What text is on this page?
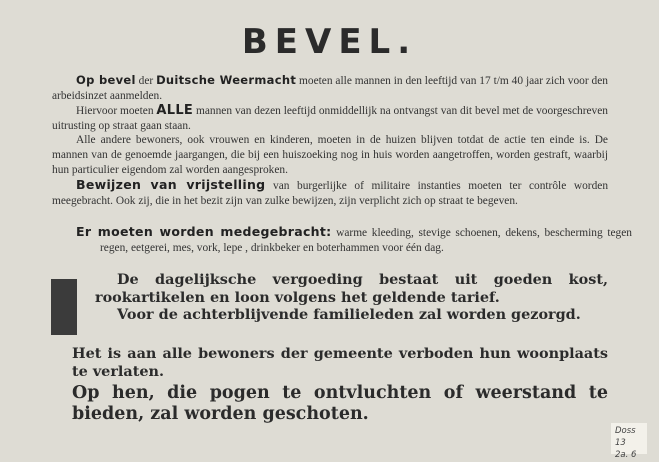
BEVEL.
Op bevel der Duitsche Weermacht moeten alle mannen in den leeftijd van 17 t/m 40 jaar zich voor den arbeidsinzet aanmelden.
Hiervoor moeten ALLE mannen van dezen leeftijd onmiddellijk na ontvangst van dit bevel met de voorgeschreven uitrusting op straat gaan staan.
Alle andere bewoners, ook vrouwen en kinderen, moeten in de huizen blijven totdat de actie ten einde is. De mannen van de genoemde jaargangen, die bij een huiszoeking nog in huis worden aangetroffen, worden gestraft, waarbij hun particulier eigendom zal worden aangesproken.
Bewijzen van vrijstelling van burgerlijke of militaire instanties moeten ter contrôle worden meegebracht. Ook zij, die in het bezit zijn van zulke bewijzen, zijn verplicht zich op straat te begeven.
Er moeten worden medegebracht: warme kleeding, stevige schoenen, dekens, bescherming tegen regen, eetgerei, mes, vork, lepe , drinkbeker en boterhammen voor één dag.
De dagelijksche vergoeding bestaat uit goeden kost, rookartikelen en loon volgens het geldende tarief.
Voor de achterblijvende familieleden zal worden gezorgd.
Het is aan alle bewoners der gemeente verboden hun woonplaats te verlaten.
Op hen, die pogen te ontvluchten of weerstand te bieden, zal worden geschoten.
Doss 13
2a. 6
